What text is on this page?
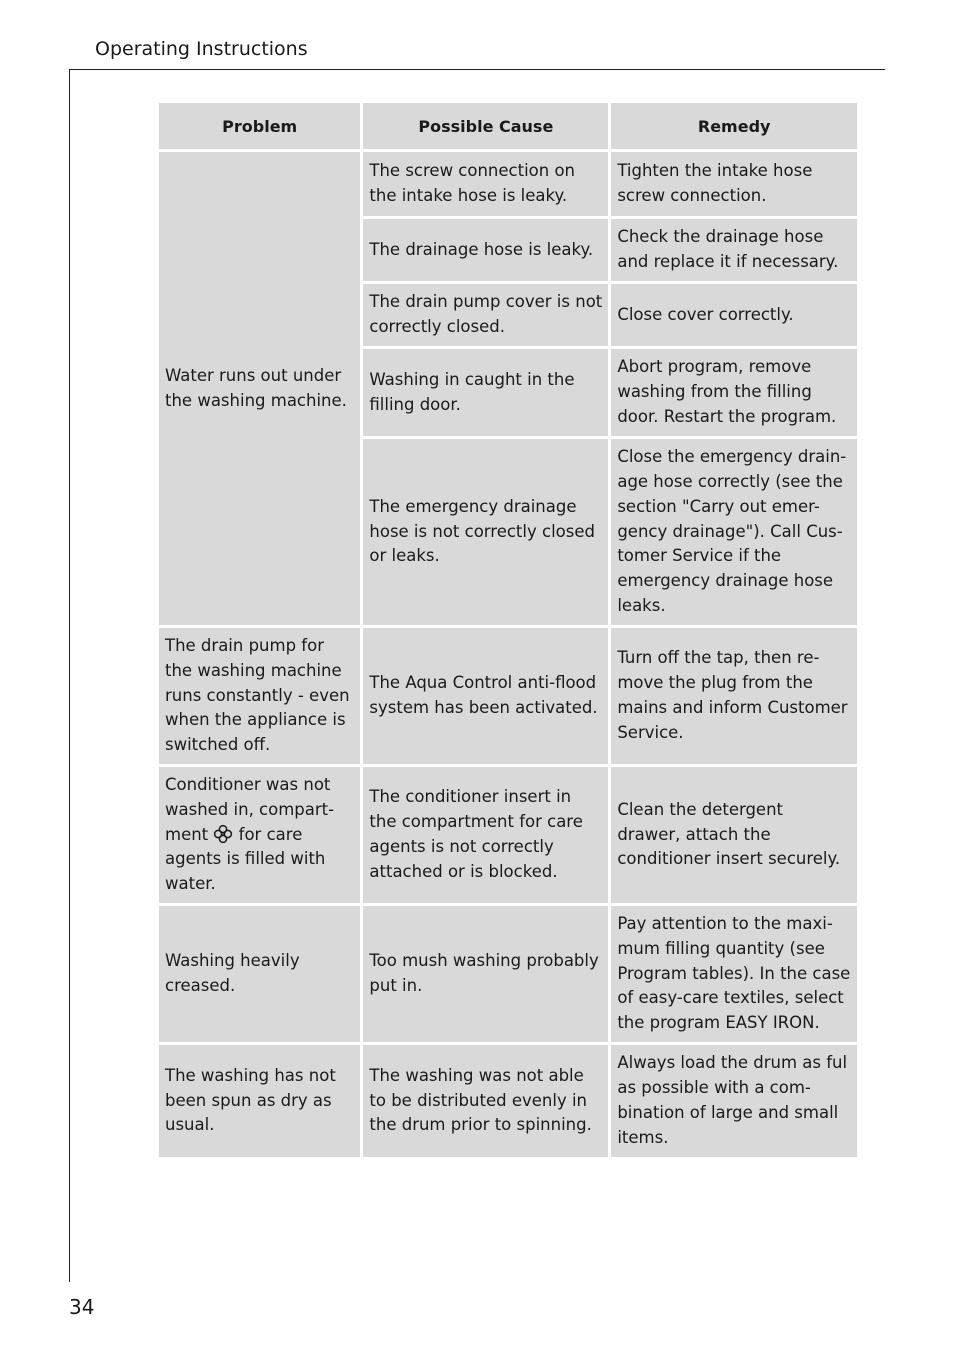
Operating Instructions
Problem	Possible Cause	Remedy
Water runs out under the washing machine.	The screw connection on the intake hose is leaky.	Tighten the intake hose screw connection.
	The drainage hose is leaky.	Check the drainage hose and replace it if necessary.
	The drain pump cover is not correctly closed.	Close cover correctly.
	Washing in caught in the filling door.	Abort program, remove washing from the filling door. Restart the program.
	The emergency drainage hose is not correctly closed or leaks.	Close the emergency drain-age hose correctly (see the section "Carry out emer-gency drainage"). Call Cus-tomer Service if the emergency drainage hose leaks.
The drain pump for the washing machine runs constantly - even when the appliance is switched off.	The Aqua Control anti-flood system has been activated.	Turn off the tap, then re-move the plug from the mains and inform Customer Service.
Conditioner was not washed in, compart-ment for care agents is filled with water.	The conditioner insert in the compartment for care agents is not correctly attached or is blocked.	Clean the detergent drawer, attach the conditioner insert securely.
Washing heavily creased.	Too mush washing probably put in.	Pay attention to the maxi-mum filling quantity (see Program tables). In the case of easy-care textiles, select the program EASY IRON.
The washing has not been spun as dry as usual.	The washing was not able to be distributed evenly in the drum prior to spinning.	Always load the drum as ful as possible with a com-bination of large and small items.
34
